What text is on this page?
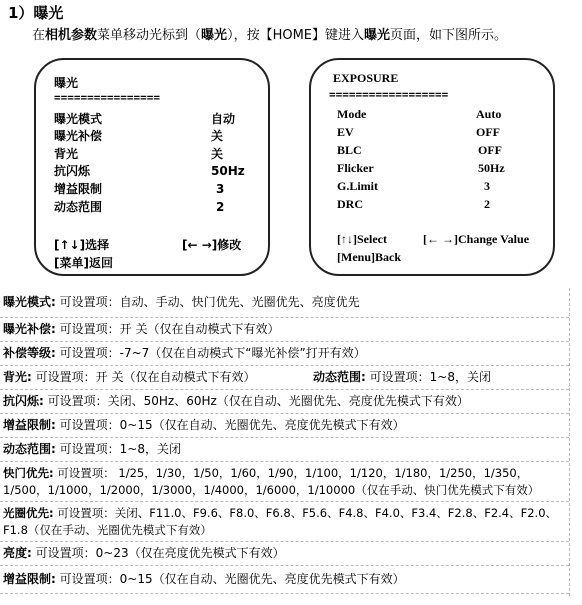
1）曝光
在相机参数菜单移动光标到（曝光），按【HOME】键进入曝光页面，如下图所示。
曝光
================
曝光模式	自动
曝光补偿	关
背光	关
抗闪烁	50Hz
增益限制	3
动态范围	2
[↑↓]选择	[← →]修改
[菜单]返回
EXPOSURE
==================
Mode	Auto
EV	OFF
BLC	OFF
Flicker	50Hz
G.Limit	3
DRC	2
[↑↓]Select	[← →]Change Value
[Menu]Back
曝光模式: 可设置项：自动、手动、快门优先、光圈优先、亮度优先
曝光补偿: 可设置项：开 关（仅在自动模式下有效）
补偿等级: 可设置项：-7~7（仅在自动模式下“曝光补偿”打开有效）
背光: 可设置项：开 关（仅在自动模式下有效）	动态范围: 可设置项：1~8，关闭
抗闪烁: 可设置项：关闭、50Hz、60Hz（仅在自动、光圈优先、亮度优先模式下有效）
增益限制: 可设置项：0~15（仅在自动、光圈优先、亮度优先模式下有效）
动态范围: 可设置项：1~8，关闭
快门优先: 可设置项： 1/25，1/30，1/50，1/60，1/90，1/100，1/120，1/180，1/250，1/350，1/500，1/1000，1/2000，1/3000，1/4000，1/6000，1/10000（仅在手动、快门优先模式下有效）
光圈优先: 可设置项：关闭、F11.0、F9.6、F8.0、F6.8、F5.6、F4.8、F4.0、F3.4、F2.8、F2.4、F2.0、F1.8（仅在手动、光圈优先模式下有效）
亮度: 可设置项：0~23（仅在亮度优先模式下有效）
增益限制: 可设置项：0~15（仅在自动、光圈优先、亮度优先模式下有效）
